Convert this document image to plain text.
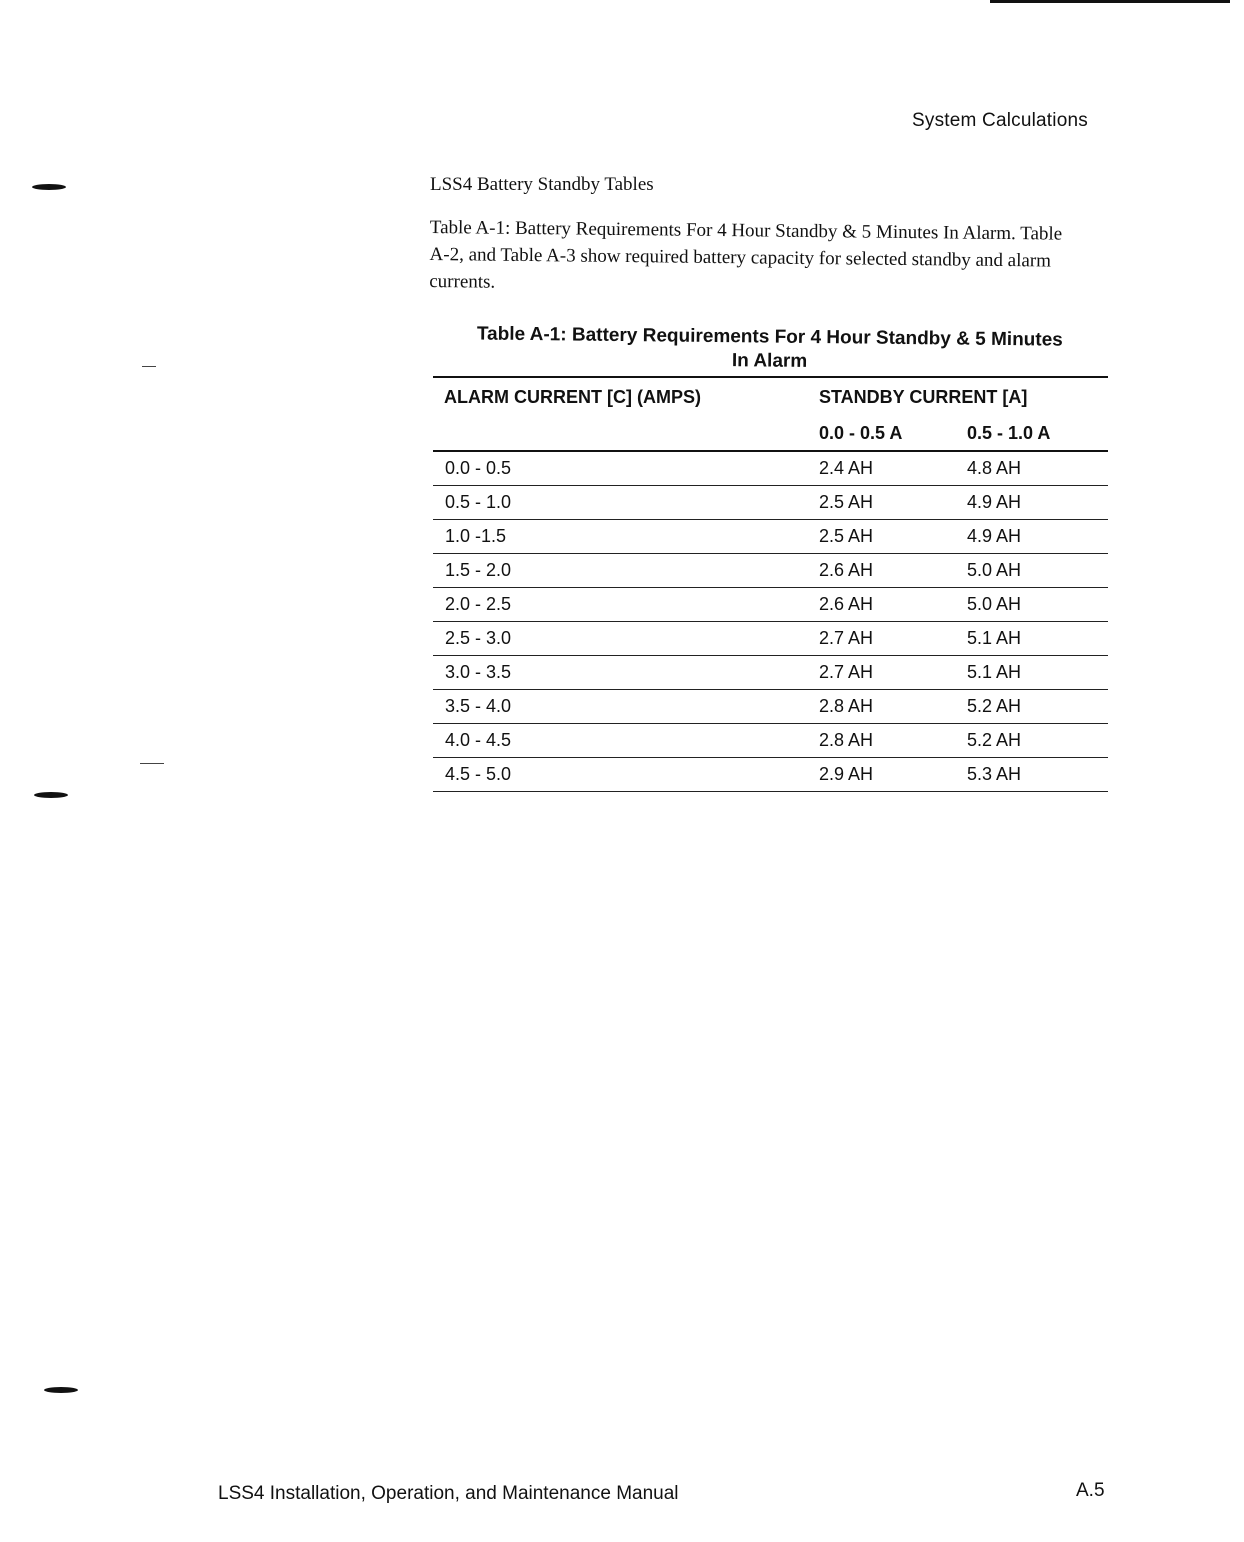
System Calculations
LSS4 Battery Standby Tables
Table A-1: Battery Requirements For 4 Hour Standby & 5 Minutes In Alarm. Table A-2, and Table A-3 show required battery capacity for selected standby and alarm currents.
Table A-1: Battery Requirements For 4 Hour Standby & 5 Minutes
In Alarm
ALARM CURRENT [C] (AMPS)	STANDBY CURRENT [A]	
	0.0 - 0.5 A	0.5 - 1.0 A
0.0 - 0.5	2.4 AH	4.8 AH
0.5 - 1.0	2.5 AH	4.9 AH
1.0 -1.5	2.5 AH	4.9 AH
1.5 - 2.0	2.6 AH	5.0 AH
2.0 - 2.5	2.6 AH	5.0 AH
2.5 - 3.0	2.7 AH	5.1 AH
3.0 - 3.5	2.7 AH	5.1 AH
3.5 - 4.0	2.8 AH	5.2 AH
4.0 - 4.5	2.8 AH	5.2 AH
4.5 - 5.0	2.9 AH	5.3 AH
LSS4 Installation, Operation, and Maintenance Manual	A.5
